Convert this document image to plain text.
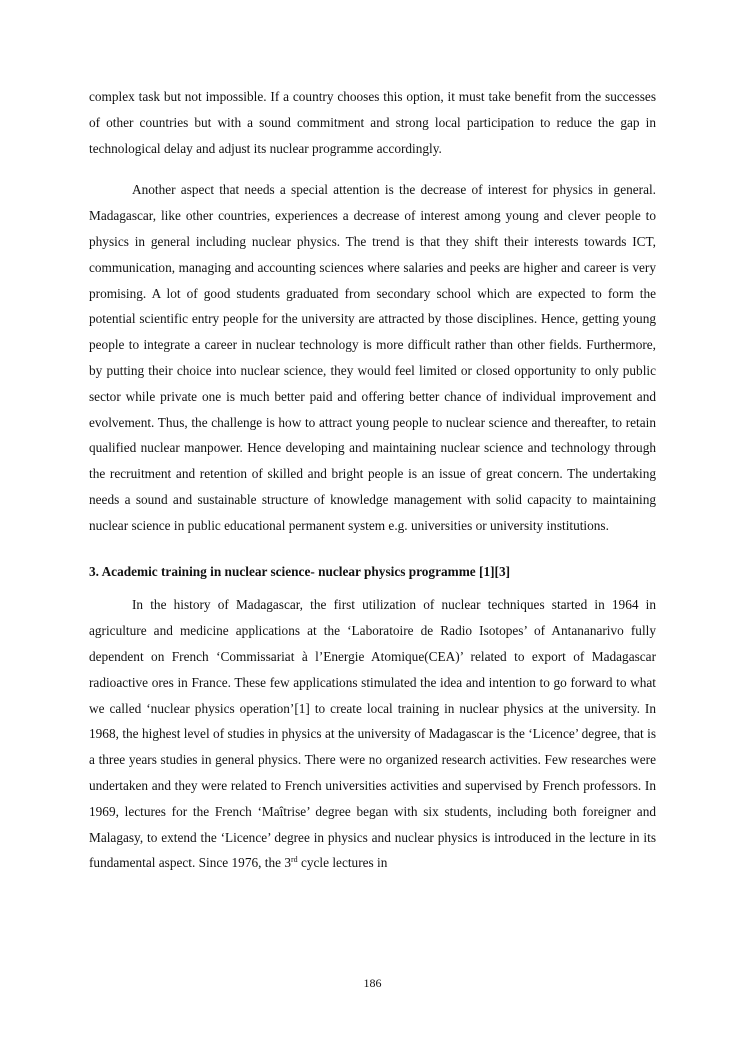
complex task but not impossible. If a country chooses this option, it must take benefit from the successes of other countries but with a sound commitment and strong local participation to reduce the gap in technological delay and adjust its nuclear programme accordingly.

Another aspect that needs a special attention is the decrease of interest for physics in general. Madagascar, like other countries, experiences a decrease of interest among young and clever people to physics in general including nuclear physics. The trend is that they shift their interests towards ICT, communication, managing and accounting sciences where salaries and peeks are higher and career is very promising. A lot of good students graduated from secondary school which are expected to form the potential scientific entry people for the university are attracted by those disciplines. Hence, getting young people to integrate a career in nuclear technology is more difficult rather than other fields. Furthermore, by putting their choice into nuclear science, they would feel limited or closed opportunity to only public sector while private one is much better paid and offering better chance of individual improvement and evolvement. Thus, the challenge is how to attract young people to nuclear science and thereafter, to retain qualified nuclear manpower. Hence developing and maintaining nuclear science and technology through the recruitment and retention of skilled and bright people is an issue of great concern. The undertaking needs a sound and sustainable structure of knowledge management with solid capacity to maintaining nuclear science in public educational permanent system e.g. universities or university institutions.

3. Academic training in nuclear science- nuclear physics programme [1][3]

In the history of Madagascar, the first utilization of nuclear techniques started in 1964 in agriculture and medicine applications at the ‘Laboratoire de Radio Isotopes’ of Antananarivo fully dependent on French ‘Commissariat à l’Energie Atomique(CEA)’ related to export of Madagascar radioactive ores in France. These few applications stimulated the idea and intention to go forward to what we called ‘nuclear physics operation’[1] to create local training in nuclear physics at the university. In 1968, the highest level of studies in physics at the university of Madagascar is the ‘Licence’ degree, that is a three years studies in general physics. There were no organized research activities. Few researches were undertaken and they were related to French universities activities and supervised by French professors. In 1969, lectures for the French ‘Maîtrise’ degree began with six students, including both foreigner and Malagasy, to extend the ‘Licence’ degree in physics and nuclear physics is introduced in the lecture in its fundamental aspect. Since 1976, the 3rd cycle lectures in

186
